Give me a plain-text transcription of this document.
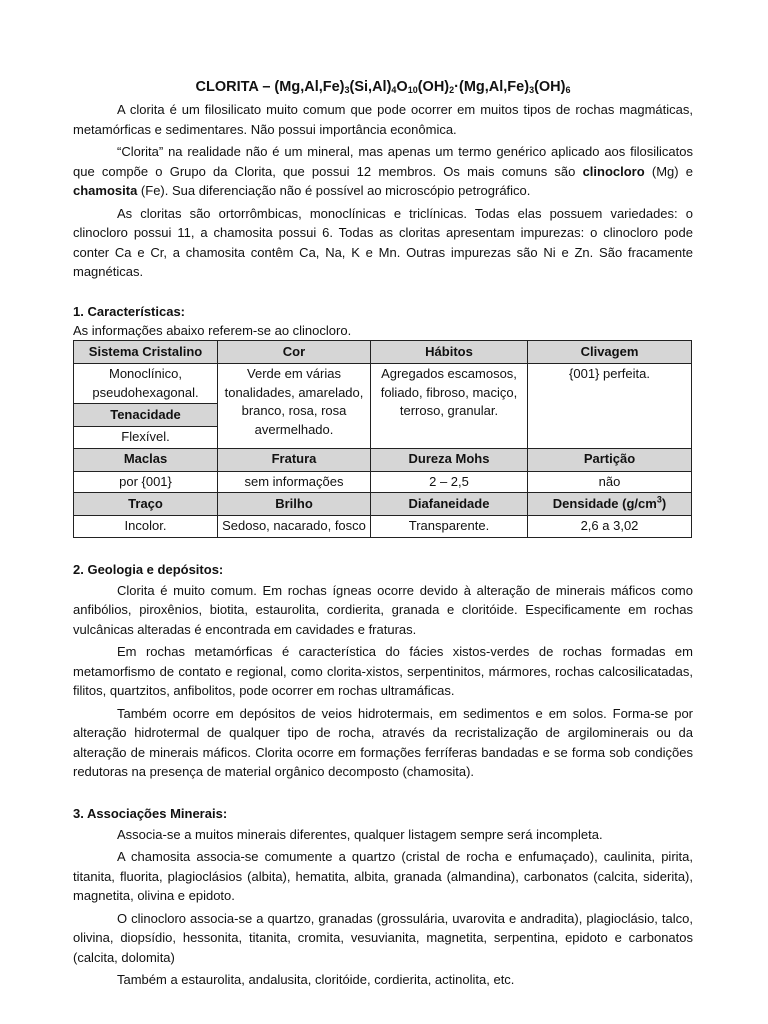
CLORITA – $(Mg,Al,Fe)_3(Si,Al)_4O_{10}(OH)_2\cdot(Mg,Al,Fe)_3(OH)_6$

A clorita é um filosilicato muito comum que pode ocorrer em muitos tipos de rochas magmáticas, metamórficas e sedimentares. Não possui importância econômica.

“Clorita” na realidade não é um mineral, mas apenas um termo genérico aplicado aos filosilicatos que compõe o Grupo da Clorita, que possui 12 membros. Os mais comuns são clinocloro (Mg) e chamosita (Fe). Sua diferenciação não é possível ao microscópio petrográfico.

As cloritas são ortorrômbicas, monoclínicas e triclínicas. Todas elas possuem variedades: o clinocloro possui 11, a chamosita possui 6. Todas as cloritas apresentam impurezas: o clinocloro pode conter Ca e Cr, a chamosita contêm Ca, Na, K e Mn. Outras impurezas são Ni e Zn. São fracamente magnéticas.

1. Características:
As informações abaixo referem-se ao clinocloro.
Sistema Cristalino	Cor	Hábitos	Clivagem
Monoclínico, pseudohexagonal.	Verde em várias tonalidades, amarelado, branco, rosa, rosa avermelhado.	Agregados escamosos, foliado, fibroso, maciço, terroso, granular.	{001} perfeita.
Tenacidade			
Flexível.			
Maclas	Fratura	Dureza Mohs	Partição
por {001}	sem informações	2 – 2,5	não
Traço	Brilho	Diafaneidade	Densidade $(g/cm^3)$
Incolor.	Sedoso, nacarado, fosco	Transparente.	2,6 a 3,02
2. Geologia e depósitos:

Clorita é muito comum. Em rochas ígneas ocorre devido à alteração de minerais máficos como anfibólios, piroxênios, biotita, estaurolita, cordierita, granada e cloritóide. Especificamente em rochas vulcânicas alteradas é encontrada em cavidades e fraturas.

Em rochas metamórficas é característica do fácies xistos-verdes de rochas formadas em metamorfismo de contato e regional, como clorita-xistos, serpentinitos, mármores, rochas calcosilicatadas, filitos, quartzitos, anfibolitos, pode ocorrer em rochas ultramáficas.

Também ocorre em depósitos de veios hidrotermais, em sedimentos e em solos. Forma-se por alteração hidrotermal de qualquer tipo de rocha, através da recristalização de argilominerais ou da alteração de minerais máficos. Clorita ocorre em formações ferríferas bandadas e se forma sob condições redutoras na presença de material orgânico decomposto (chamosita).

3. Associações Minerais:

Associa-se a muitos minerais diferentes, qualquer listagem sempre será incompleta.

A chamosita associa-se comumente a quartzo (cristal de rocha e enfumaçado), caulinita, pirita, titanita, fluorita, plagioclásios (albita), hematita, albita, granada (almandina), carbonatos (calcita, siderita), magnetita, olivina e epidoto.

O clinocloro associa-se a quartzo, granadas (grossulária, uvarovita e andradita), plagioclásio, talco, olivina, diopsídio, hessonita, titanita, cromita, vesuvianita, magnetita, serpentina, epidoto e carbonatos (calcita, dolomita)

Também a estaurolita, andalusita, cloritóide, cordierita, actinolita, etc.
